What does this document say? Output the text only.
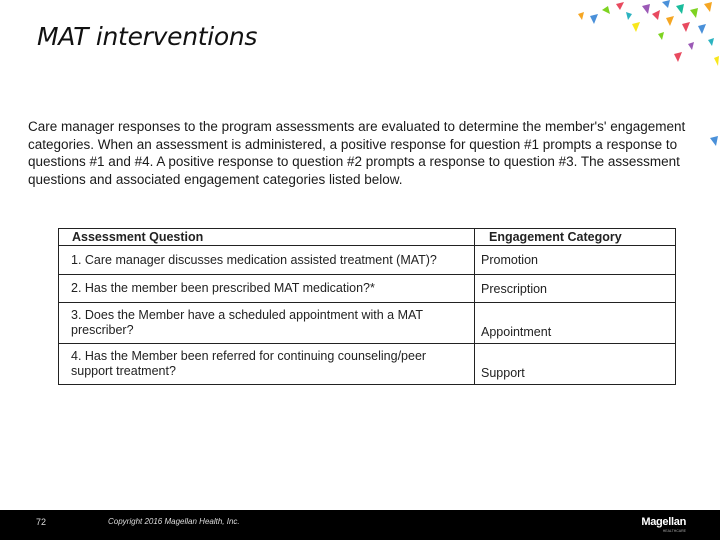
MAT interventions

Care manager responses to the program assessments are evaluated to determine the member's' engagement categories. When an assessment is administered, a positive response for question #1 prompts a response to questions #1 and #4. A positive response to question #2 prompts a response to question #3. The assessment questions and associated engagement categories listed below.

Assessment Question	Engagement Category
1. Care manager discusses medication assisted treatment (MAT)?	Promotion
2. Has the member been prescribed MAT medication?*	Prescription
3. Does the Member have a scheduled appointment with a MAT prescriber?	Appointment
4. Has the Member been referred for continuing counseling/peer support treatment?	Support
72	Copyright 2016 Magellan Health, Inc.	Magellan
HEALTHCARE
